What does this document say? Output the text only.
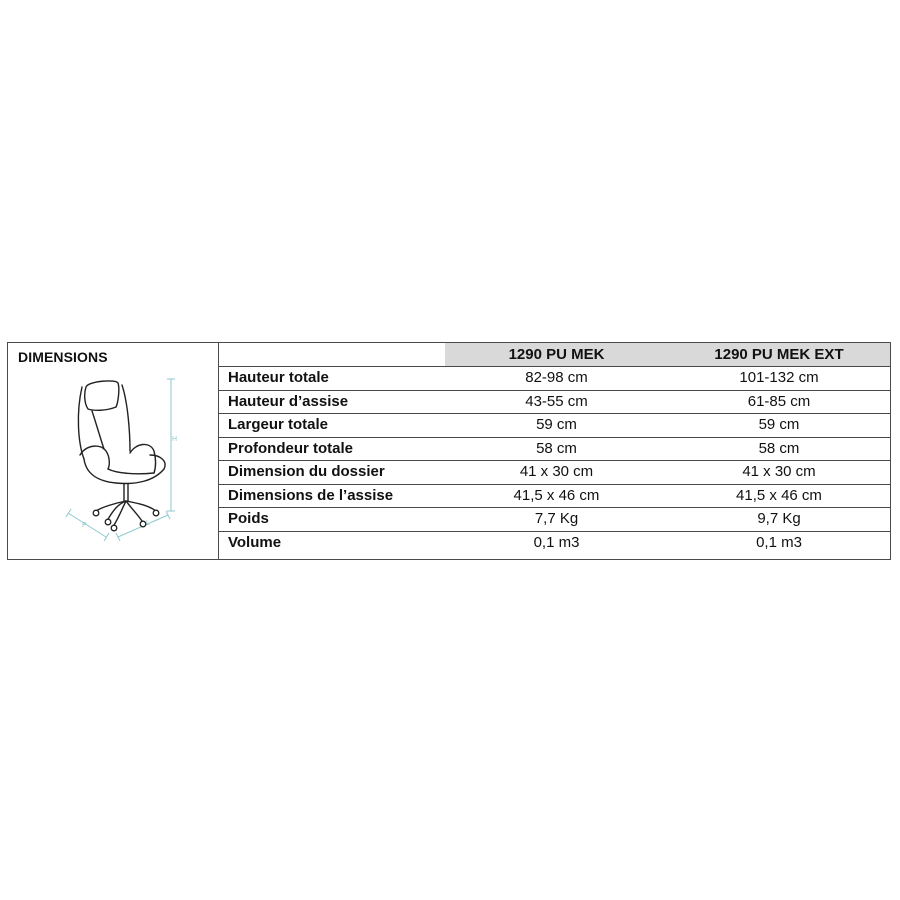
DIMENSIONS
H
P	L
	1290 PU MEK	1290 PU MEK EXT
Hauteur totale	82-98 cm	101-132 cm
Hauteur d’assise	43-55 cm	61-85 cm
Largeur totale	59 cm	59 cm
Profondeur totale	58 cm	58 cm
Dimension du dossier	41 x 30 cm	41 x 30 cm
Dimensions de l’assise	41,5 x 46 cm	41,5 x 46 cm
Poids	7,7 Kg	9,7 Kg
Volume	0,1 m3	0,1 m3
